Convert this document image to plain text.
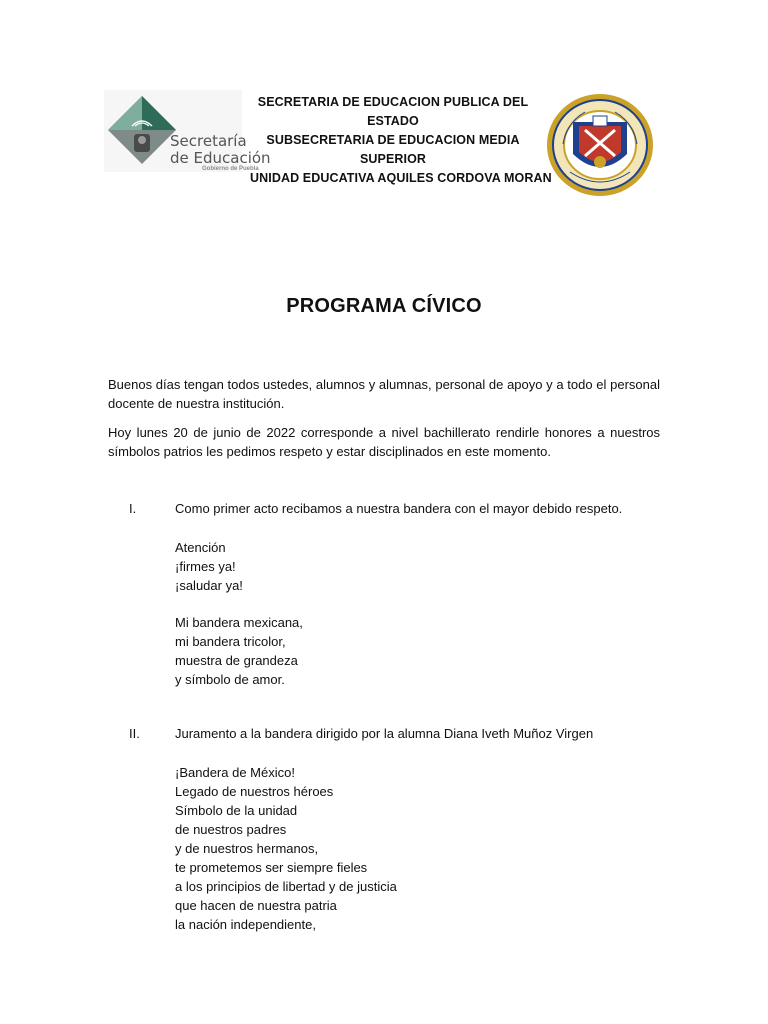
Secretaría
de Educación
Gobierno de Puebla
SECRETARIA DE EDUCACION PUBLICA DEL
ESTADO
SUBSECRETARIA DE EDUCACION MEDIA
SUPERIOR
UNIDAD EDUCATIVA AQUILES CORDOVA MORAN
PROGRAMA CÍVICO
Buenos días tengan todos ustedes, alumnos y alumnas, personal de apoyo y a todo el personal docente de nuestra institución.
Hoy lunes 20 de junio de 2022 corresponde a nivel bachillerato rendirle honores a nuestros símbolos patrios les pedimos respeto y estar disciplinados en este momento.
I.	Como primer acto recibamos a nuestra bandera con el mayor debido respeto.
Atención
¡firmes ya!
¡saludar ya!
Mi bandera mexicana,
mi bandera tricolor,
muestra de grandeza
y símbolo de amor.
II.	Juramento a la bandera dirigido por la alumna Diana Iveth Muñoz Virgen
¡Bandera de México!
Legado de nuestros héroes
Símbolo de la unidad
de nuestros padres
y de nuestros hermanos,
te prometemos ser siempre fieles
a los principios de libertad y de justicia
que hacen de nuestra patria
la nación independiente,
